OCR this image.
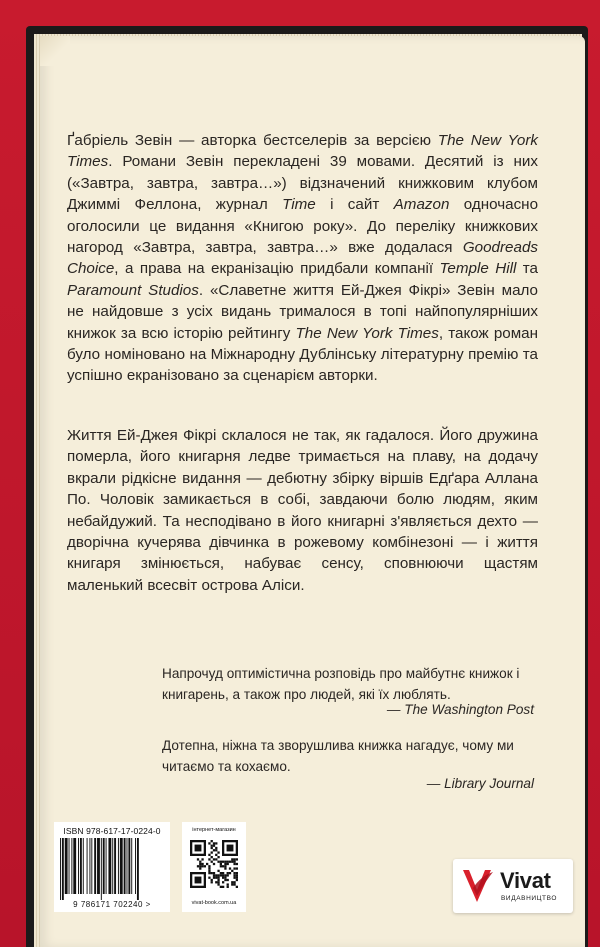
Ґабріель Зевін — авторка бестселерів за версією The New York Times. Романи Зевін перекладені 39 мовами. Десятий із них («Завтра, завтра, завтра…») відзначений книжковим клубом Джиммі Феллона, журнал Time і сайт Amazon одночасно оголосили це видання «Книгою року». До переліку книжкових нагород «Завтра, завтра, завтра…» вже додалася Goodreads Choice, а права на екранізацію придбали компанії Temple Hill та Paramount Studios. «Славетне життя Ей-Джея Фікрі» Зевін мало не найдовше з усіх видань трималося в топі найпопулярніших книжок за всю історію рейтингу The New York Times, також роман було номіновано на Міжнародну Дублінську літературну премію та успішно екранізовано за сценарієм авторки.

Життя Ей-Джея Фікрі склалося не так, як гадалося. Його дружина померла, його книгарня ледве тримається на плаву, на додачу вкрали рідкісне видання — дебютну збірку віршів Едґара Аллана По. Чоловік замикається в собі, завдаючи болю людям, яким небайдужий. Та несподівано в його книгарні з'являється дехто — дворічна кучерява дівчинка в рожевому комбінезоні — і життя книгаря змінюється, набуває сенсу, сповнюючи щастям маленький всесвіт острова Аліси.

Напрочуд оптимістична розповідь про майбутнє книжок і книгарень, а також про людей, які їх люблять.

— The Washington Post

Дотепна, ніжна та зворушлива книжка нагадує, чому ми читаємо та кохаємо.

— Library Journal
ISBN 978-617-17-0224-0
9 786171 702240 >
інтернет-магазин
vivat-book.com.ua
Vivat
ВИДАВНИЦТВО
